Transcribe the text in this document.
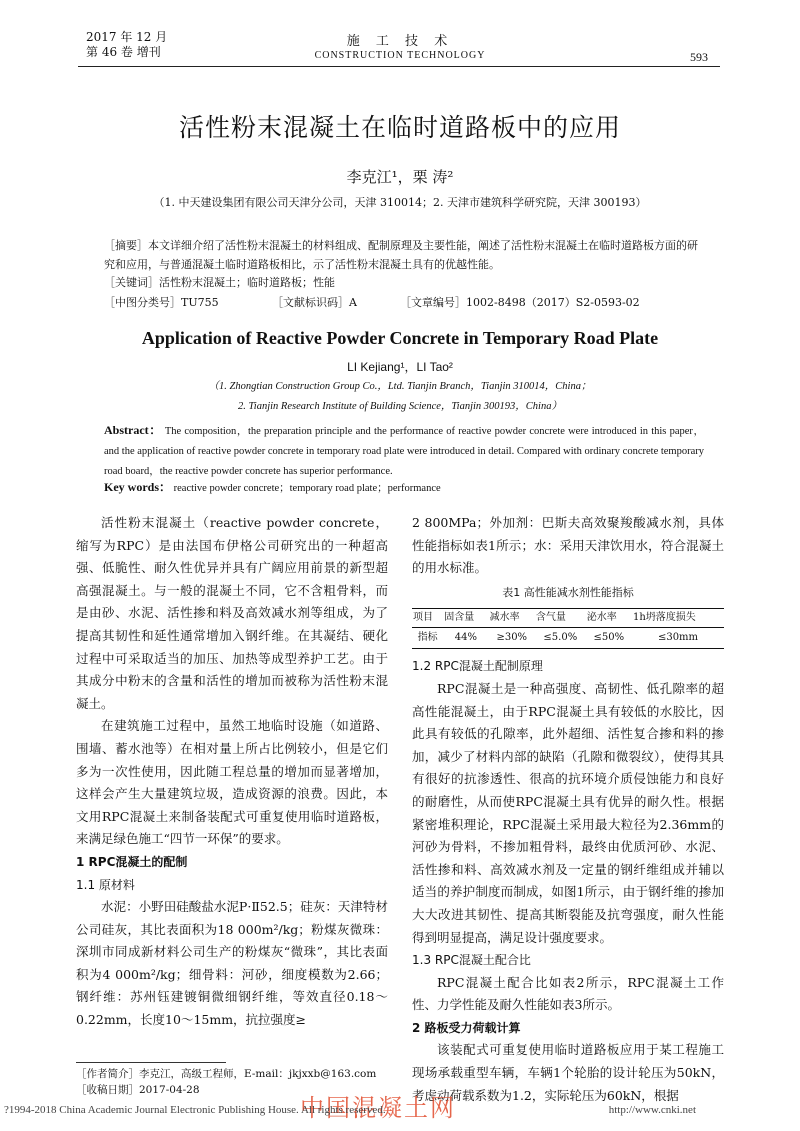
2017 年 12 月
第 46 卷 增刊
施 工 技 术
CONSTRUCTION TECHNOLOGY	593
活性粉末混凝土在临时道路板中的应用
李克江¹，栗 涛²
（1. 中天建设集团有限公司天津分公司，天津 310014；2. 天津市建筑科学研究院，天津 300193）
［摘要］本文详细介绍了活性粉末混凝土的材料组成、配制原理及主要性能，阐述了活性粉末混凝土在临时道路板方面的研究和应用，与普通混凝土临时道路板相比，示了活性粉末混凝土具有的优越性能。
［关键词］活性粉末混凝土；临时道路板；性能
［中图分类号］TU755	［文献标识码］A	［文章编号］1002-8498（2017）S2-0593-02
Application of Reactive Powder Concrete in Temporary Road Plate
LI Kejiang¹，LI Tao²
（1. Zhongtian Construction Group Co.，Ltd. Tianjin Branch，Tianjin 310014，China；
2. Tianjin Research Institute of Building Science，Tianjin 300193，China）
Abstract： The composition，the preparation principle and the performance of reactive powder concrete were introduced in this paper，and the application of reactive powder concrete in temporary road plate were introduced in detail. Compared with ordinary concrete temporary road board，the reactive powder concrete has superior performance.
Key words： reactive powder concrete；temporary road plate；performance

活性粉末混凝土（reactive powder concrete，缩写为RPC）是由法国布伊格公司研究出的一种超高强、低脆性、耐久性优异并具有广阔应用前景的新型超高强混凝土。与一般的混凝土不同，它不含粗骨料，而是由砂、水泥、活性掺和料及高效减水剂等组成，为了提高其韧性和延性通常增加入钢纤维。在其凝结、硬化过程中可采取适当的加压、加热等成型养护工艺。由于其成分中粉末的含量和活性的增加而被称为活性粉末混凝土。

在建筑施工过程中，虽然工地临时设施（如道路、围墙、蓄水池等）在相对量上所占比例较小，但是它们多为一次性使用，因此随工程总量的增加而显著增加，这样会产生大量建筑垃圾，造成资源的浪费。因此，本文用RPC混凝土来制备装配式可重复使用临时道路板，来满足绿色施工“四节一环保”的要求。

1 RPC混凝土的配制

1.1 原材料

水泥：小野田硅酸盐水泥P·Ⅱ52.5；硅灰：天津特材公司硅灰，其比表面积为18 000m²/kg；粉煤灰微珠：深圳市同成新材料公司生产的粉煤灰“微珠”，其比表面积为4 000m²/kg；细骨料：河砂，细度模数为2.66；钢纤维：苏州钰建镀铜微细钢纤维，等效直径0.18～0.22mm，长度10～15mm，抗拉强度≥

2 800MPa；外加剂：巴斯夫高效聚羧酸减水剂，具体性能指标如表1所示；水：采用天津饮用水，符合混凝土的用水标准。

表1 高性能减水剂性能指标
项目	固含量	减水率	含气量	泌水率	1h坍落度损失
指标	44%	≥30%	≤5.0%	≤50%	≤30mm

1.2 RPC混凝土配制原理

RPC混凝土是一种高强度、高韧性、低孔隙率的超高性能混凝土，由于RPC混凝土具有较低的水胶比，因此具有较低的孔隙率，此外超细、活性复合掺和料的掺加，减少了材料内部的缺陷（孔隙和微裂纹），使得其具有很好的抗渗透性、很高的抗环境介质侵蚀能力和良好的耐磨性，从而使RPC混凝土具有优异的耐久性。根据紧密堆积理论，RPC混凝土采用最大粒径为2.36mm的河砂为骨料，不掺加粗骨料，最终由优质河砂、水泥、活性掺和料、高效减水剂及一定量的钢纤维组成并辅以适当的养护制度而制成，如图1所示，由于钢纤维的掺加大大改进其韧性、提高其断裂能及抗弯强度，耐久性能得到明显提高，满足设计强度要求。

1.3 RPC混凝土配合比

RPC混凝土配合比如表2所示，RPC混凝土工作性、力学性能及耐久性能如表3所示。

2 路板受力荷载计算

该装配式可重复使用临时道路板应用于某工程施工现场承载重型车辆，车辆1个轮胎的设计轮压为50kN，考虑动荷载系数为1.2，实际轮压为60kN，根据

［作者简介］李克江，高级工程师，E-mail：jkjxxb@163.com
［收稿日期］2017-04-28
中国混凝土网
?1994-2018 China Academic Journal Electronic Publishing House. All rights reserved.	http://www.cnki.net
